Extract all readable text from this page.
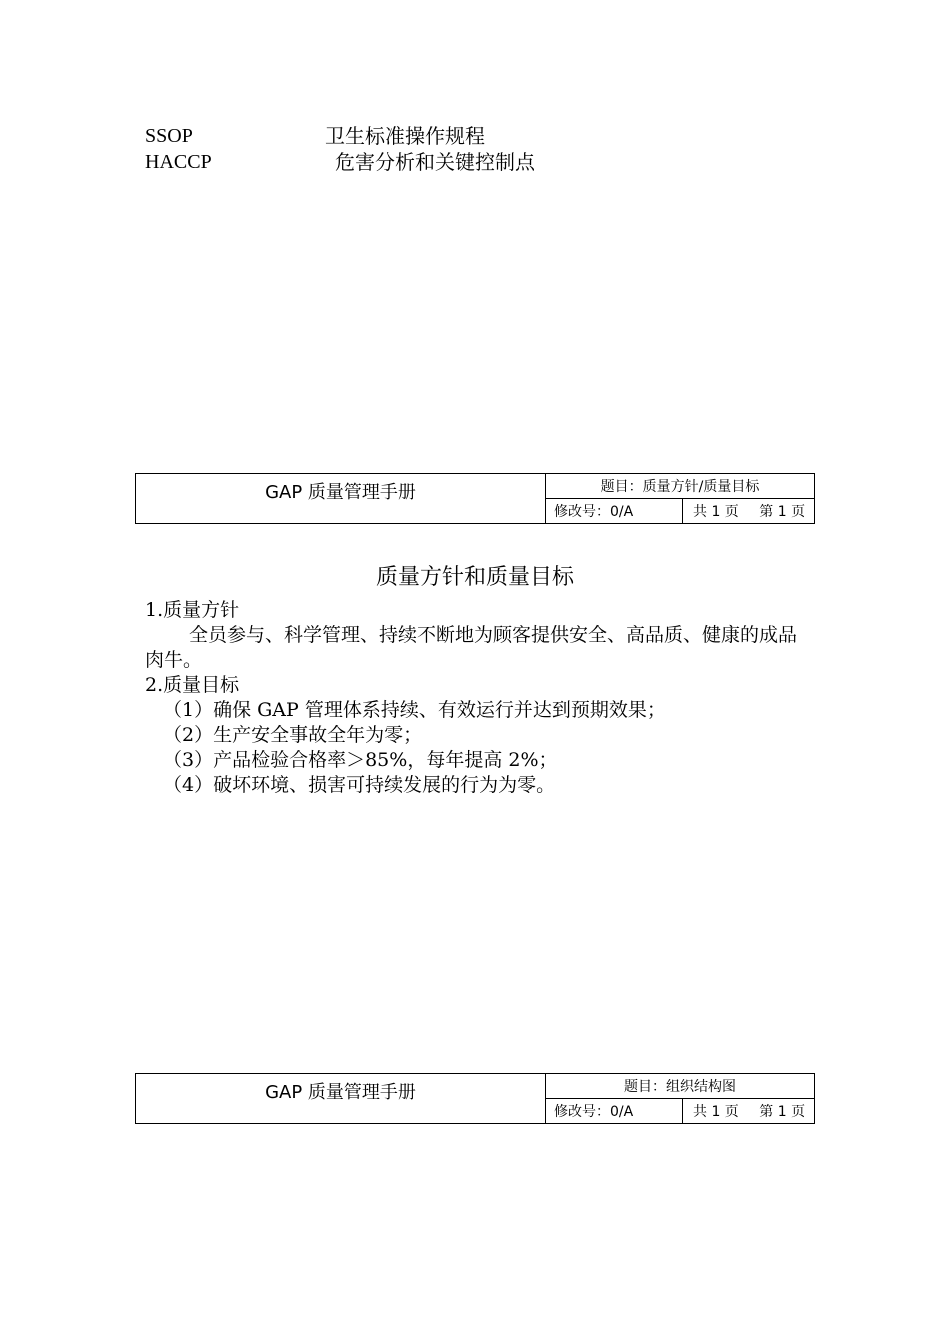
SSOP	卫生标准操作规程
HACCP	危害分析和关键控制点
GAP 质量管理手册	题目：质量方针/质量目标	
	修改号：0/A	共 1 页 第 1 页
质量方针和质量目标

1.质量方针

全员参与、科学管理、持续不断地为顾客提供安全、高品质、健康的成品肉牛。

2.质量目标

（1）确保 GAP 管理体系持续、有效运行并达到预期效果；

（2）生产安全事故全年为零；

（3）产品检验合格率＞85%，每年提高 2%；

（4）破坏环境、损害可持续发展的行为为零。

GAP 质量管理手册	题目：组织结构图	
	修改号：0/A	共 1 页 第 1 页
